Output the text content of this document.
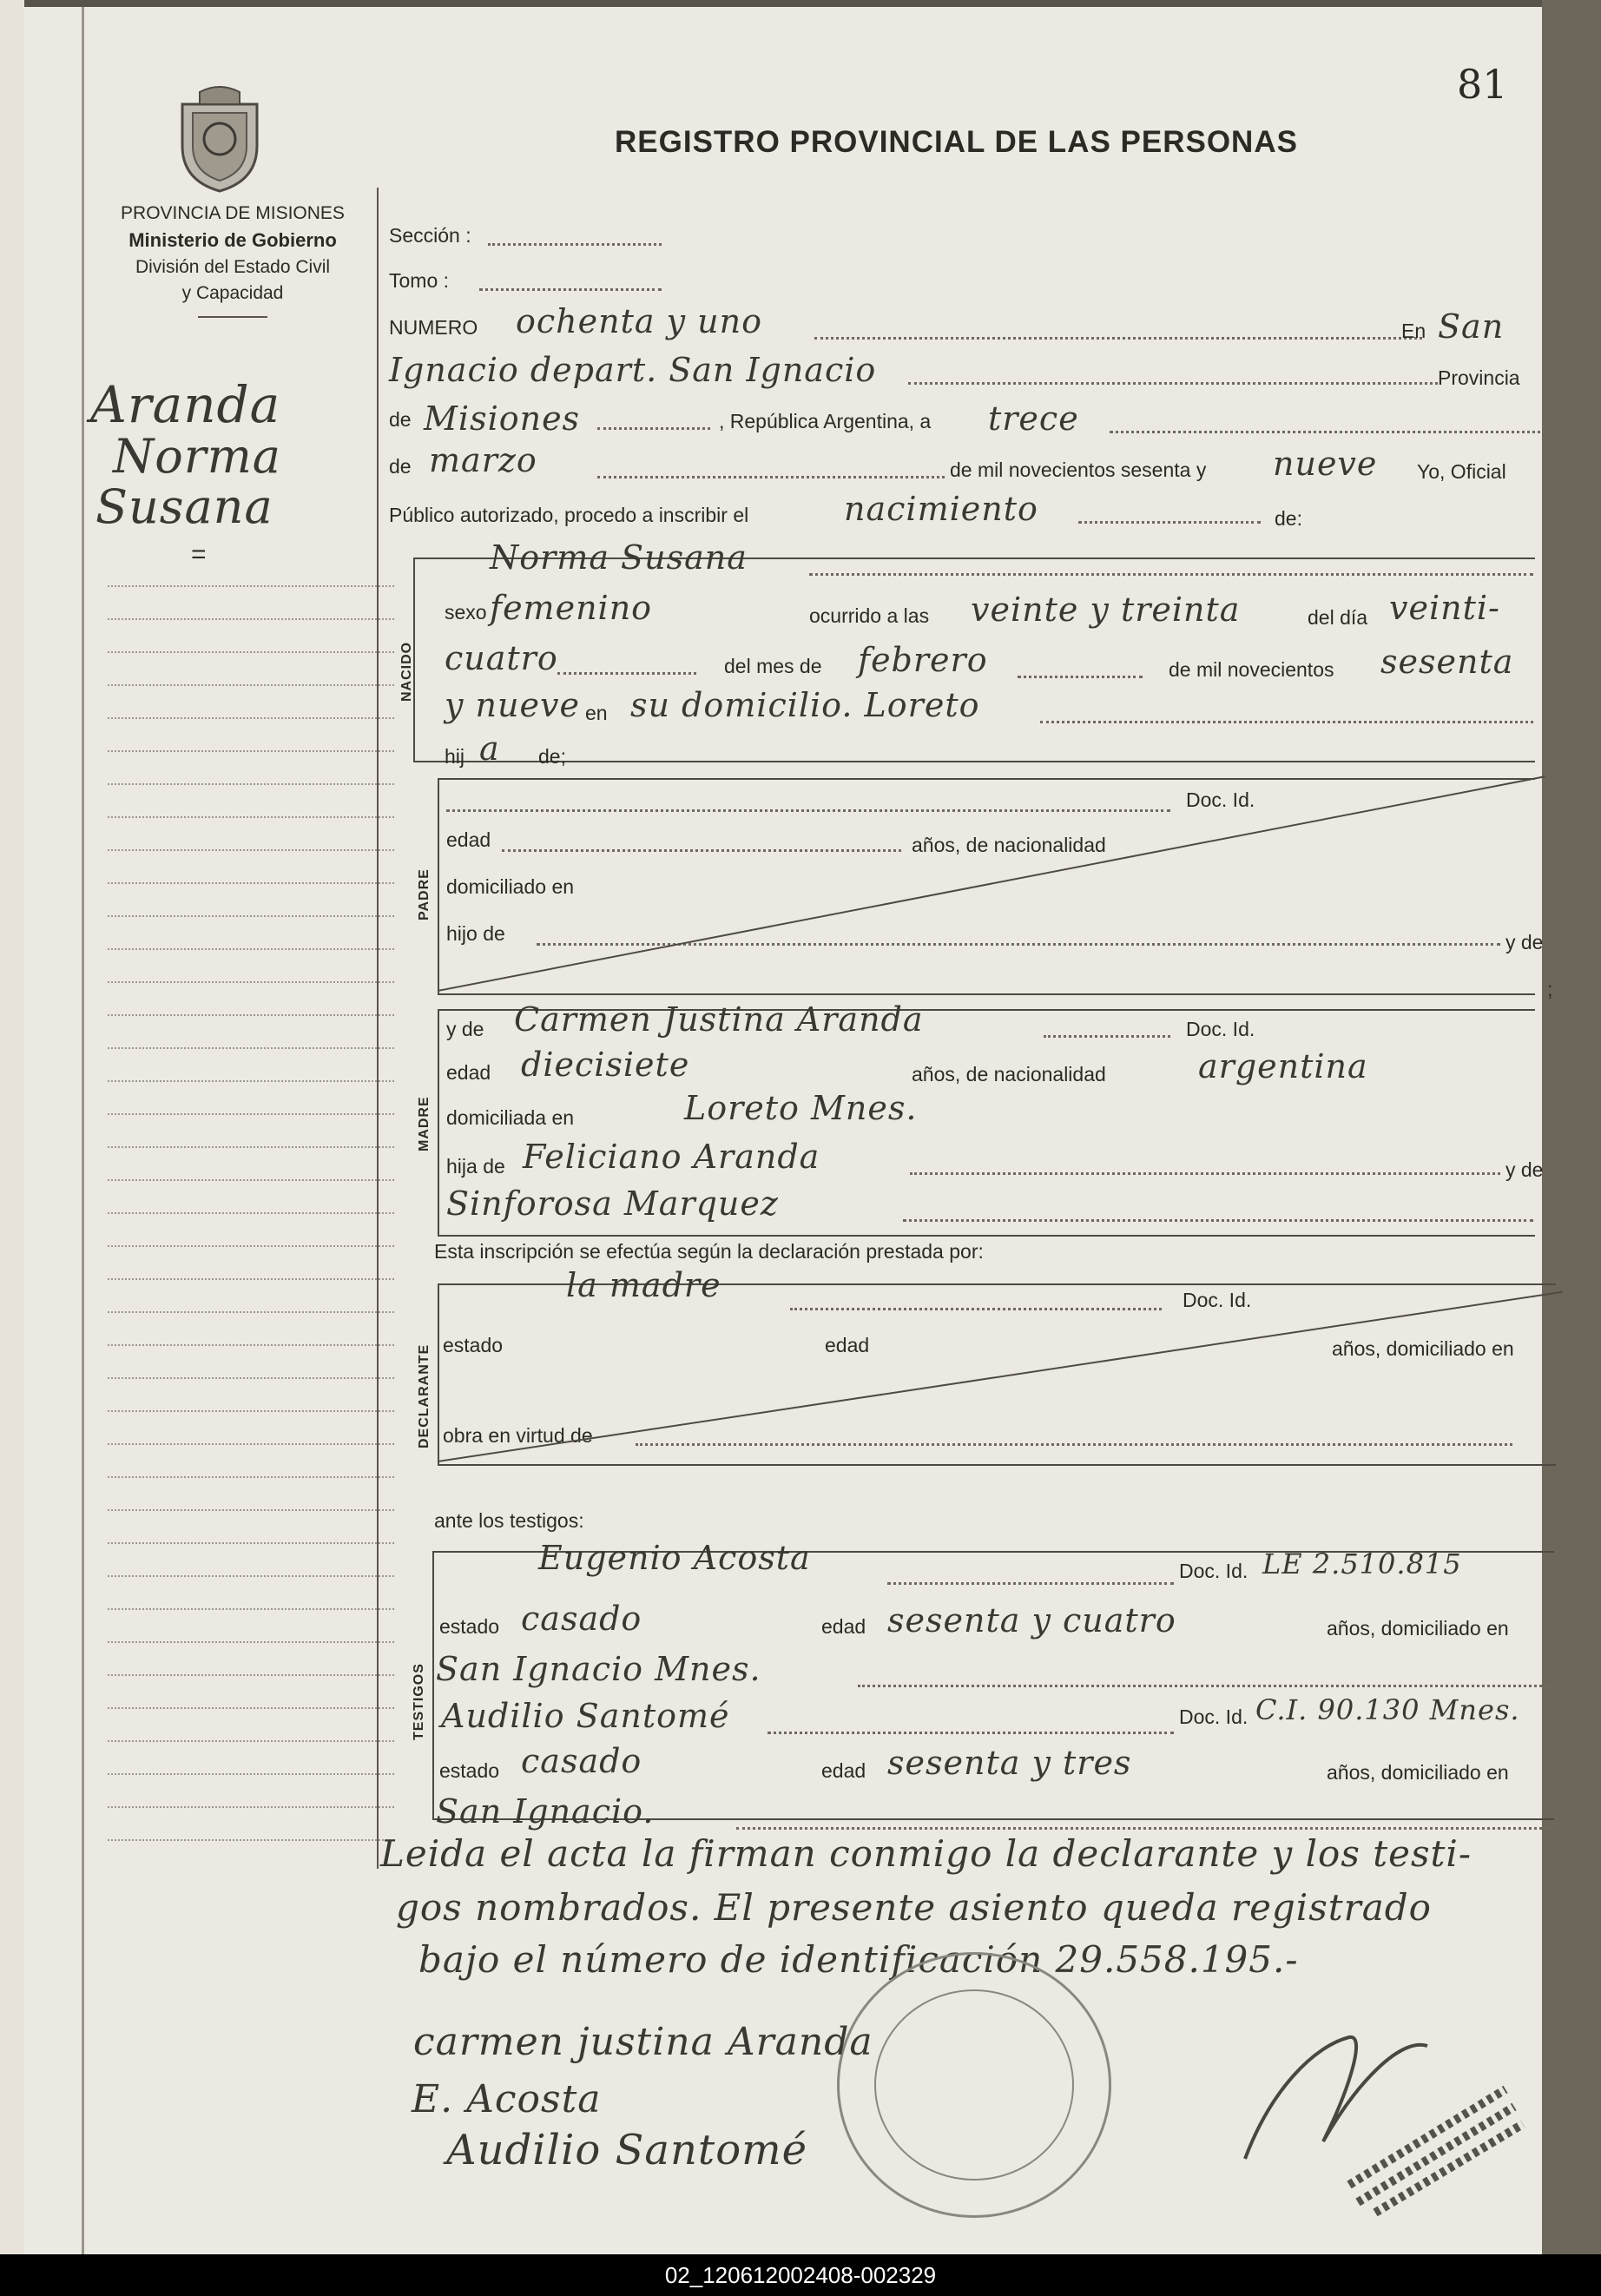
81
REGISTRO PROVINCIAL DE LAS PERSONAS
PROVINCIA DE MISIONES
Ministerio de Gobierno
División del Estado Civil
y Capacidad
Aranda
Norma
Susana
=
Sección :
Tomo :
NUMERO ochenta y uno	En San
Ignacio depart. San Ignacio	Provincia
de Misiones	, República Argentina, a trece
de marzo	de mil novecientos sesenta y nueve Yo, Oficial
Público autorizado, procedo a inscribir el	nacimiento	de:
NACIDO
Norma Susana
sexo femenino	ocurrido a las veinte y treinta	del día veinti-
cuatro	del mes de febrero	de mil novecientos sesenta
y nueve en su domicilio. Loreto
hij a de;
PADRE
Doc. Id.
edad	años, de nacionalidad
domiciliado en
hijo de	y de
;
MADRE
y de Carmen Justina Aranda	Doc. Id.
edad diecisiete	años, de nacionalidad	argentina
domiciliada en	Loreto Mnes.
hija de Feliciano Aranda	y de
Sinforosa Marquez
Esta inscripción se efectúa según la declaración prestada por:
DECLARANTE
la madre	Doc. Id.
estado	edad	años, domiciliado en
obra en virtud de
ante los testigos:
TESTIGOS
Eugenio Acosta	Doc. Id. LE 2.510.815
estado casado	edad sesenta y cuatro	años, domiciliado en
San Ignacio Mnes.
Audilio Santomé	Doc. Id. C.I. 90.130 Mnes.
estado casado	edad sesenta y tres	años, domiciliado en
San Ignacio.
Leida el acta la firman conmigo la declarante y los testi-
gos nombrados. El presente asiento queda registrado
bajo el número de identificación 29.558.195.-
carmen justina Aranda
E. Acosta
Audilio Santomé
02_120612002408-002329
